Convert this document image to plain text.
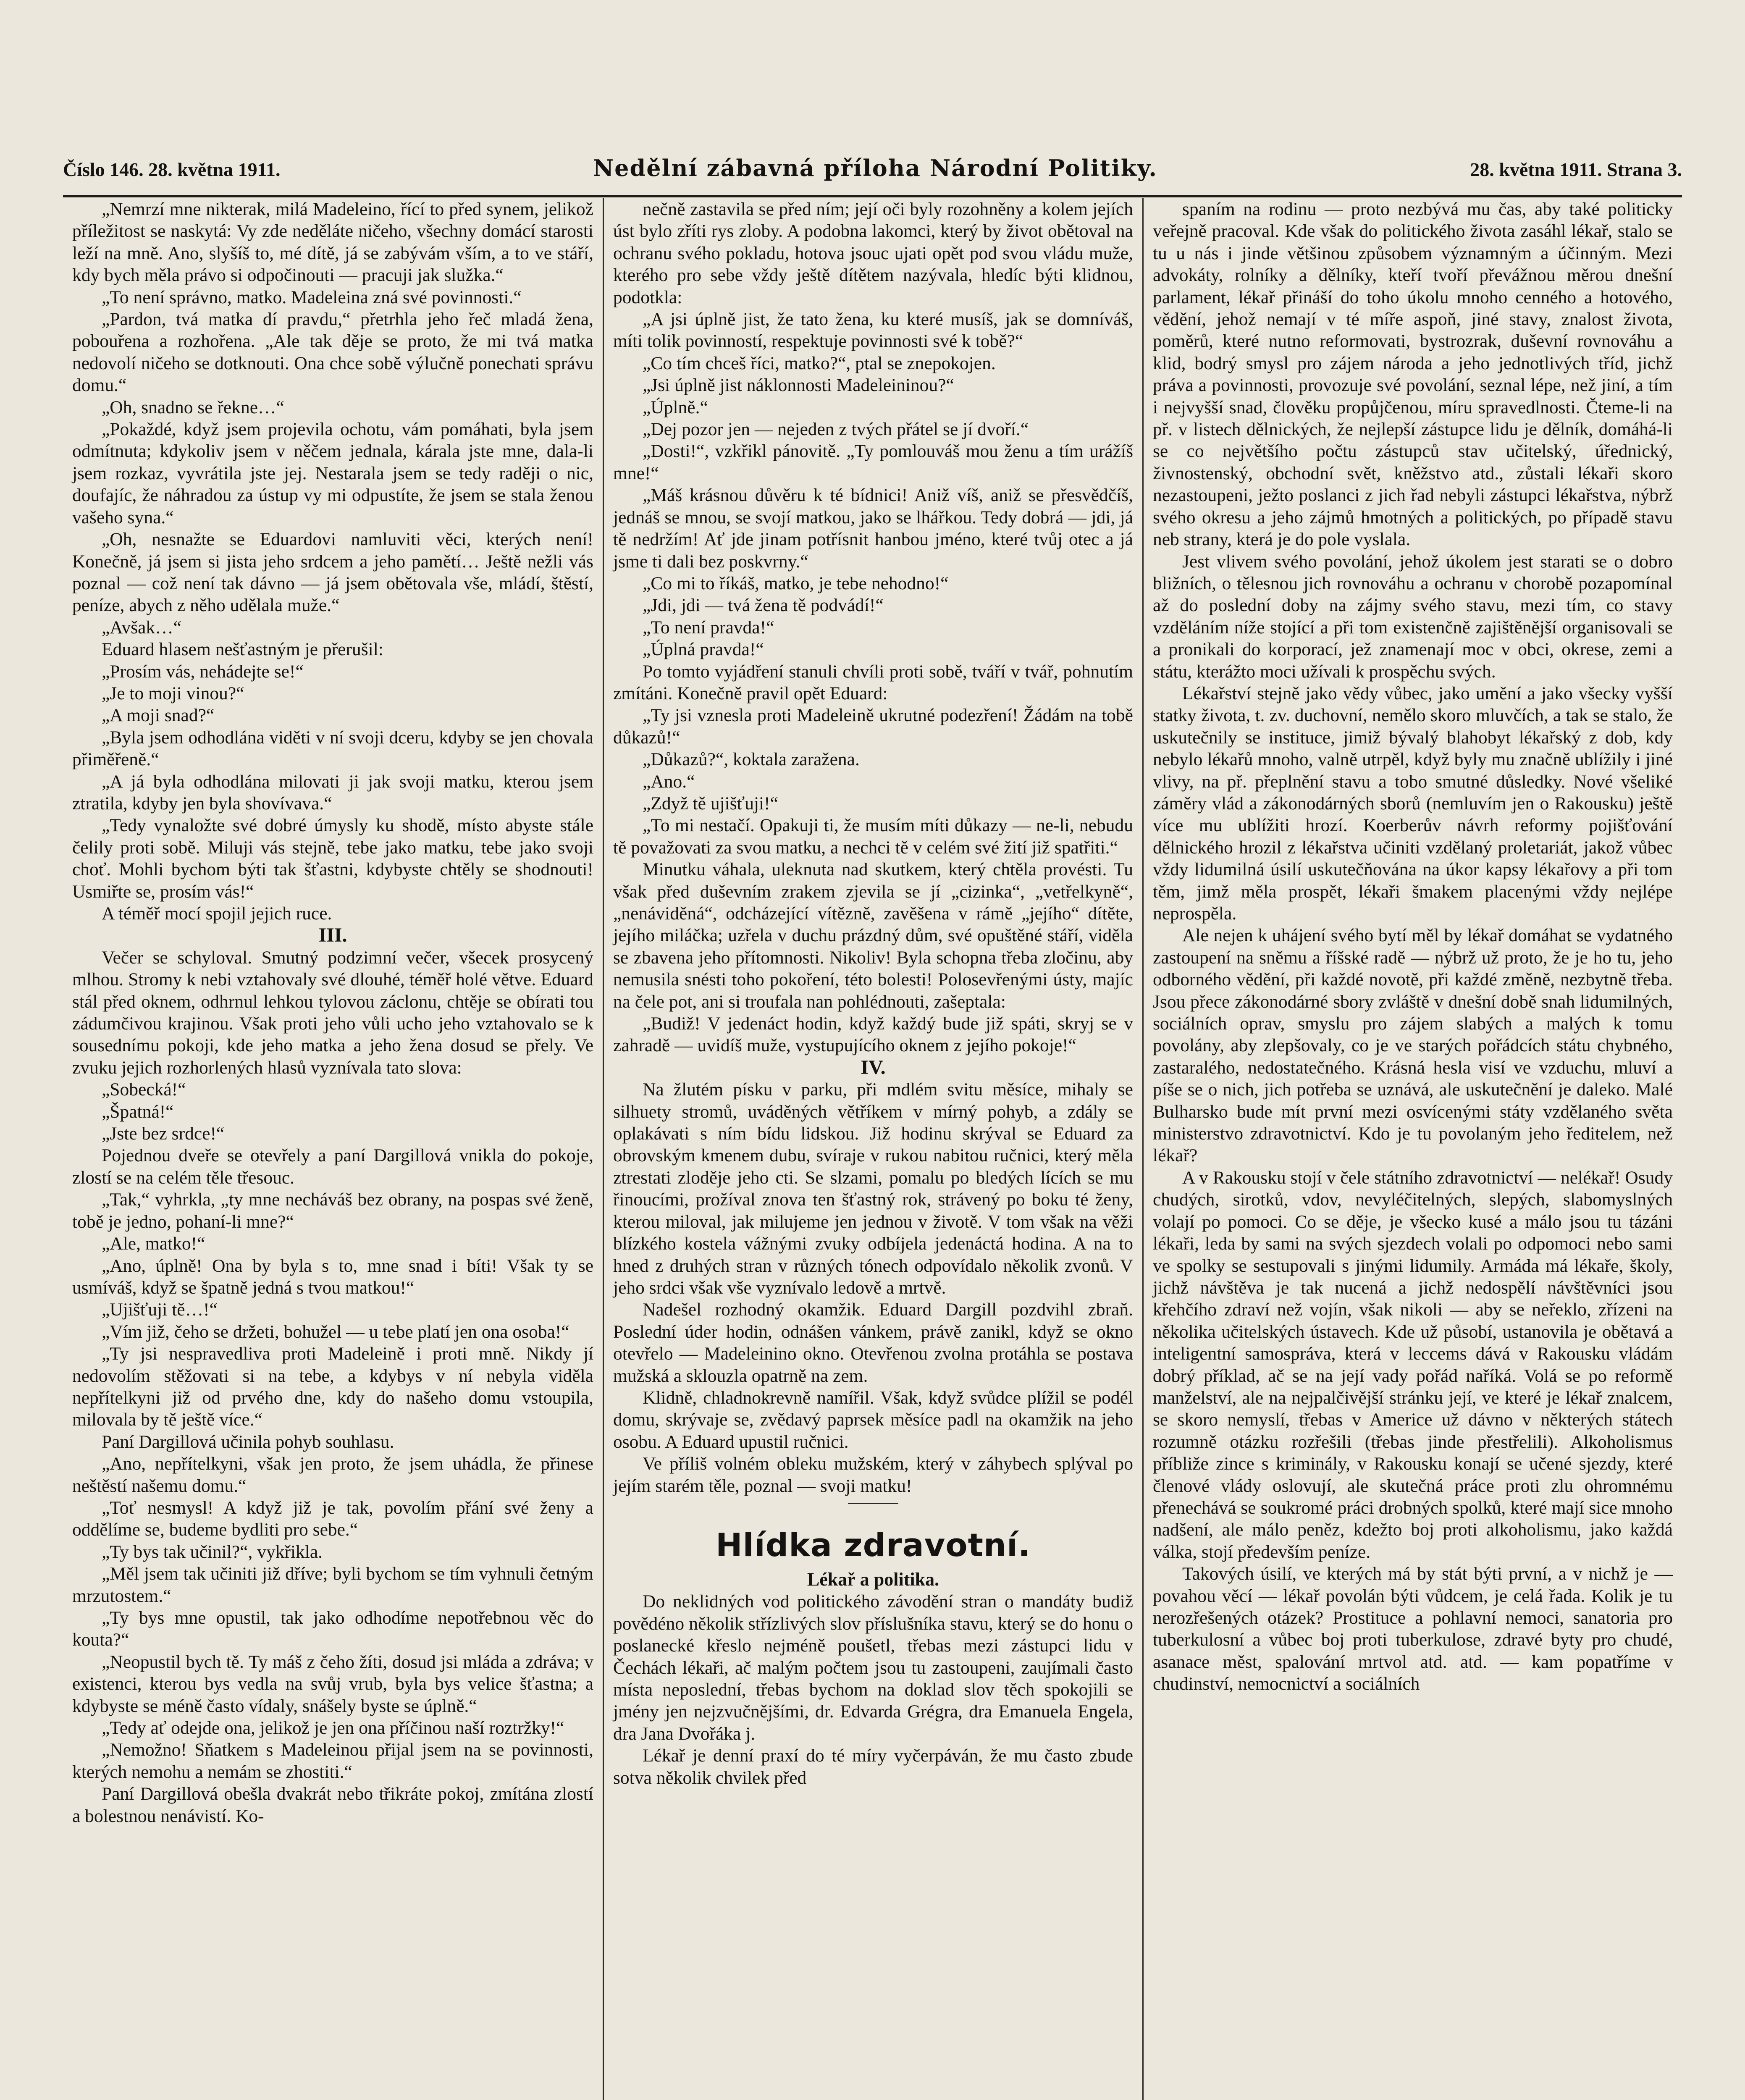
Číslo 146. 28. května 1911.	Nedělní zábavná příloha Národní Politiky.	28. května 1911. Strana 3.

„Nemrzí mne nikterak, milá Madeleino, řící to před synem, jelikož příležitost se naskytá: Vy zde neděláte ničeho, všechny domácí starosti leží na mně. Ano, slyšíš to, mé dítě, já se zabývám vším, a to ve stáří, kdy bych měla právo si odpočinouti — pracuji jak služka.“

„To není správno, matko. Madeleina zná své povinnosti.“

„Pardon, tvá matka dí pravdu,“ přetrhla jeho řeč mladá žena, pobouřena a rozhořena. „Ale tak děje se proto, že mi tvá matka nedovolí ničeho se dotknouti. Ona chce sobě výlučně ponechati správu domu.“

„Oh, snadno se řekne…“

„Pokaždé, když jsem projevila ochotu, vám pomáhati, byla jsem odmítnuta; kdykoliv jsem v něčem jednala, kárala jste mne, dala-li jsem rozkaz, vyvrátila jste jej. Nestarala jsem se tedy raději o nic, doufajíc, že náhradou za ústup vy mi odpustíte, že jsem se stala ženou vašeho syna.“

„Oh, nesnažte se Eduardovi namluviti věci, kterých není! Konečně, já jsem si jista jeho srdcem a jeho pamětí… Ještě nežli vás poznal — což není tak dávno — já jsem obětovala vše, mládí, štěstí, peníze, abych z něho udělala muže.“

„Avšak…“

Eduard hlasem nešťastným je přerušil:

„Prosím vás, nehádejte se!“

„Je to moji vinou?“

„A moji snad?“

„Byla jsem odhodlána viděti v ní svoji dceru, kdyby se jen chovala přiměřeně.“

„A já byla odhodlána milovati ji jak svoji matku, kterou jsem ztratila, kdyby jen byla shovívava.“

„Tedy vynaložte své dobré úmysly ku shodě, místo abyste stále čelily proti sobě. Miluji vás stejně, tebe jako matku, tebe jako svoji choť. Mohli bychom býti tak šťastni, kdybyste chtěly se shodnouti! Usmiřte se, prosím vás!“

A téměř mocí spojil jejich ruce.

III.

Večer se schyloval. Smutný podzimní večer, všecek prosycený mlhou. Stromy k nebi vztahovaly své dlouhé, téměř holé větve. Eduard stál před oknem, odhrnul lehkou tylovou záclonu, chtěje se obírati tou zádumčivou krajinou. Však proti jeho vůli ucho jeho vztahovalo se k sousednímu pokoji, kde jeho matka a jeho žena dosud se přely. Ve zvuku jejich rozhorlených hlasů vyznívala tato slova:

„Sobecká!“

„Špatná!“

„Jste bez srdce!“

Pojednou dveře se otevřely a paní Dargillová vnikla do pokoje, zlostí se na celém těle třesouc.

„Tak,“ vyhrkla, „ty mne necháváš bez obrany, na pospas své ženě, tobě je jedno, pohaní-li mne?“

„Ale, matko!“

„Ano, úplně! Ona by byla s to, mne snad i bíti! Však ty se usmíváš, když se špatně jedná s tvou matkou!“

„Ujišťuji tě…!“

„Vím již, čeho se držeti, bohužel — u tebe platí jen ona osoba!“

„Ty jsi nespravedliva proti Madeleině i proti mně. Nikdy jí nedovolím stěžovati si na tebe, a kdybys v ní nebyla viděla nepřítelkyni již od prvého dne, kdy do našeho domu vstoupila, milovala by tě ještě více.“

Paní Dargillová učinila pohyb souhlasu.

„Ano, nepřítelkyni, však jen proto, že jsem uhádla, že přinese neštěstí našemu domu.“

„Toť nesmysl! A když již je tak, povolím přání své ženy a oddělíme se, budeme bydliti pro sebe.“

„Ty bys tak učinil?“, vykřikla.

„Měl jsem tak učiniti již dříve; byli bychom se tím vyhnuli četným mrzutostem.“

„Ty bys mne opustil, tak jako odhodíme nepotřebnou věc do kouta?“

„Neopustil bych tě. Ty máš z čeho žíti, dosud jsi mláda a zdráva; v existenci, kterou bys vedla na svůj vrub, byla bys velice šťastna; a kdybyste se méně často vídaly, snášely byste se úplně.“

„Tedy ať odejde ona, jelikož je jen ona příčinou naší roztržky!“

„Nemožno! Sňatkem s Madeleinou přijal jsem na se povinnosti, kterých nemohu a nemám se zhostiti.“

Paní Dargillová obešla dvakrát nebo třikráte pokoj, zmítána zlostí a bolestnou nenávistí. Ko-

nečně zastavila se před ním; její oči byly rozohněny a kolem jejích úst bylo zříti rys zloby. A podobna lakomci, který by život obětoval na ochranu svého pokladu, hotova jsouc ujati opět pod svou vládu muže, kterého pro sebe vždy ještě dítětem nazývala, hledíc býti klidnou, podotkla:

„A jsi úplně jist, že tato žena, ku které musíš, jak se domníváš, míti tolik povinností, respektuje povinnosti své k tobě?“

„Co tím chceš říci, matko?“, ptal se znepokojen.

„Jsi úplně jist náklonnosti Madeleininou?“

„Úplně.“

„Dej pozor jen — nejeden z tvých přátel se jí dvoří.“

„Dosti!“, vzkřikl pánovitě. „Ty pomlouváš mou ženu a tím urážíš mne!“

„Máš krásnou důvěru k té bídnici! Aniž víš, aniž se přesvědčíš, jednáš se mnou, se svojí matkou, jako se lhářkou. Tedy dobrá — jdi, já tě nedržím! Ať jde jinam potřísnit hanbou jméno, které tvůj otec a já jsme ti dali bez poskvrny.“

„Co mi to říkáš, matko, je tebe nehodno!“

„Jdi, jdi — tvá žena tě podvádí!“

„To není pravda!“

„Úplná pravda!“

Po tomto vyjádření stanuli chvíli proti sobě, tváří v tvář, pohnutím zmítáni. Konečně pravil opět Eduard:

„Ty jsi vznesla proti Madeleině ukrutné podezření! Žádám na tobě důkazů!“

„Důkazů?“, koktala zaražena.

„Ano.“

„Zdyž tě ujišťuji!“

„To mi nestačí. Opakuji ti, že musím míti důkazy — ne-li, nebudu tě považovati za svou matku, a nechci tě v celém své žití již spatřiti.“

Minutku váhala, uleknuta nad skutkem, který chtěla provésti. Tu však před duševním zrakem zjevila se jí „cizinka“, „vetřelkyně“, „nenáviděná“, odcházející vítězně, zavěšena v rámě „jejího“ dítěte, jejího miláčka; uzřela v duchu prázdný dům, své opuštěné stáří, viděla se zbavena jeho přítomnosti. Nikoliv! Byla schopna třeba zločinu, aby nemusila snésti toho pokoření, této bolesti! Polosevřenými ústy, majíc na čele pot, ani si troufala nan pohlédnouti, zašeptala:

„Budiž! V jedenáct hodin, když každý bude již spáti, skryj se v zahradě — uvidíš muže, vystupujícího oknem z jejího pokoje!“

IV.

Na žlutém písku v parku, při mdlém svitu měsíce, mihaly se silhuety stromů, uváděných větříkem v mírný pohyb, a zdály se oplakávati s ním bídu lidskou. Již hodinu skrýval se Eduard za obrovským kmenem dubu, svíraje v rukou nabitou ručnici, který měla ztrestati zloděje jeho cti. Se slzami, pomalu po bledých lících se mu řinoucími, prožíval znova ten šťastný rok, strávený po boku té ženy, kterou miloval, jak milujeme jen jednou v životě. V tom však na věži blízkého kostela vážnými zvuky odbíjela jedenáctá hodina. A na to hned z druhých stran v různých tónech odpovídalo několik zvonů. V jeho srdci však vše vyznívalo ledově a mrtvě.

Nadešel rozhodný okamžik. Eduard Dargill pozdvihl zbraň. Poslední úder hodin, odnášen vánkem, právě zanikl, když se okno otevřelo — Madeleinino okno. Otevřenou zvolna protáhla se postava mužská a sklouzla opatrně na zem.

Klidně, chladnokrevně namířil. Však, když svůdce plížil se podél domu, skrývaje se, zvědavý paprsek měsíce padl na okamžik na jeho osobu. A Eduard upustil ručnici.

Ve příliš volném obleku mužském, který v záhybech splýval po jejím starém těle, poznal — svoji matku!

Hlídka zdravotní.

Lékař a politika.

Do neklidných vod politického závodění stran o mandáty budiž povědéno několik střízlivých slov příslušníka stavu, který se do honu o poslanecké křeslo nejméně poušetl, třebas mezi zástupci lidu v Čechách lékaři, ač malým počtem jsou tu zastoupeni, zaujímali často místa neposlední, třebas bychom na doklad slov těch spokojili se jmény jen nejzvučnějšími, dr. Edvarda Grégra, dra Emanuela Engela, dra Jana Dvořáka j.

Lékař je denní praxí do té míry vyčerpáván, že mu často zbude sotva několik chvilek před

spaním na rodinu — proto nezbývá mu čas, aby také politicky veřejně pracoval. Kde však do politického života zasáhl lékař, stalo se tu u nás i jinde většinou způsobem významným a účinným. Mezi advokáty, rolníky a dělníky, kteří tvoří převážnou měrou dnešní parlament, lékař přináší do toho úkolu mnoho cenného a hotového, vědění, jehož nemají v té míře aspoň, jiné stavy, znalost života, poměrů, které nutno reformovati, bystrozrak, duševní rovnováhu a klid, bodrý smysl pro zájem národa a jeho jednotlivých tříd, jichž práva a povinnosti, provozuje své povolání, seznal lépe, než jiní, a tím i nejvyšší snad, člověku propůjčenou, míru spravedlnosti. Čteme-li na př. v listech dělnických, že nejlepší zástupce lidu je dělník, domáhá-li se co největšího počtu zástupců stav učitelský, úřednický, živnostenský, obchodní svět, kněžstvo atd., zůstali lékaři skoro nezastoupeni, ježto poslanci z jich řad nebyli zástupci lékařstva, nýbrž svého okresu a jeho zájmů hmotných a politických, po případě stavu neb strany, která je do pole vyslala.

Jest vlivem svého povolání, jehož úkolem jest starati se o dobro bližních, o tělesnou jich rovnováhu a ochranu v chorobě pozapomínal až do poslední doby na zájmy svého stavu, mezi tím, co stavy vzděláním níže stojící a při tom existenčně zajištěnější organisovali se a pronikali do korporací, jež znamenají moc v obci, okrese, zemi a státu, kterážto moci užívali k prospěchu svých.

Lékařství stejně jako vědy vůbec, jako umění a jako všecky vyšší statky života, t. zv. duchovní, nemělo skoro mluvčích, a tak se stalo, že uskutečnily se instituce, jimiž bývalý blahobyt lékařský z dob, kdy nebylo lékařů mnoho, valně utrpěl, když byly mu značně ublížily i jiné vlivy, na př. přeplnění stavu a tobo smutné důsledky. Nové všeliké záměry vlád a zákonodárných sborů (nemluvím jen o Rakousku) ještě více mu ublížiti hrozí. Koerberův návrh reformy pojišťování dělnického hrozil z lékařstva učiniti vzdělaný proletariát, jakož vůbec vždy lidumilná úsilí uskutečňována na úkor kapsy lékařovy a při tom těm, jimž měla prospět, lékaři šmakem placenými vždy nejlépe neprospěla.

Ale nejen k uhájení svého bytí měl by lékař domáhat se vydatného zastoupení na sněmu a říšské radě — nýbrž už proto, že je ho tu, jeho odborného vědění, při každé novotě, při každé změně, nezbytně třeba. Jsou přece zákonodárné sbory zvláště v dnešní době snah lidumilných, sociálních oprav, smyslu pro zájem slabých a malých k tomu povolány, aby zlepšovaly, co je ve starých pořádcích státu chybného, zastaralého, nedostatečného. Krásná hesla visí ve vzduchu, mluví a píše se o nich, jich potřeba se uznává, ale uskutečnění je daleko. Malé Bulharsko bude mít první mezi osvícenými státy vzdělaného světa ministerstvo zdravotnictví. Kdo je tu povolaným jeho ředitelem, než lékař?

A v Rakousku stojí v čele státního zdravotnictví — nelékař! Osudy chudých, sirotků, vdov, nevyléčitelných, slepých, slabomyslných volají po pomoci. Co se děje, je všecko kusé a málo jsou tu tázáni lékaři, leda by sami na svých sjezdech volali po odpomoci nebo sami ve spolky se sestupovali s jinými lidumily. Armáda má lékaře, školy, jichž návštěva je tak nucená a jichž nedospělí návštěvníci jsou křehčího zdraví než vojín, však nikoli — aby se neřeklo, zřízeni na několika učitelských ústavech. Kde už působí, ustanovila je obětavá a inteligentní samospráva, která v leccems dává v Rakousku vládám dobrý příklad, ač se na její vady pořád naříká. Volá se po reformě manželství, ale na nejpalčivější stránku její, ve které je lékař znalcem, se skoro nemyslí, třebas v Americe už dávno v některých státech rozumně otázku rozřešili (třebas jinde přestřelili). Alkoholismus příbliže zince s kriminály, v Rakousku konají se učené sjezdy, které členové vlády oslovují, ale skutečná práce proti zlu ohromnému přenechává se soukromé práci drobných spolků, které mají sice mnoho nadšení, ale málo peněz, kdežto boj proti alkoholismu, jako každá válka, stojí především peníze.

Takových úsilí, ve kterých má by stát býti první, a v nichž je — povahou věcí — lékař povolán býti vůdcem, je celá řada. Kolik je tu nerozřešených otázek? Prostituce a pohlavní nemoci, sanatoria pro tuberkulosní a vůbec boj proti tuberkulose, zdravé byty pro chudé, asanace měst, spalování mrtvol atd. atd. — kam popatříme v chudinství, nemocnictví a sociálních
